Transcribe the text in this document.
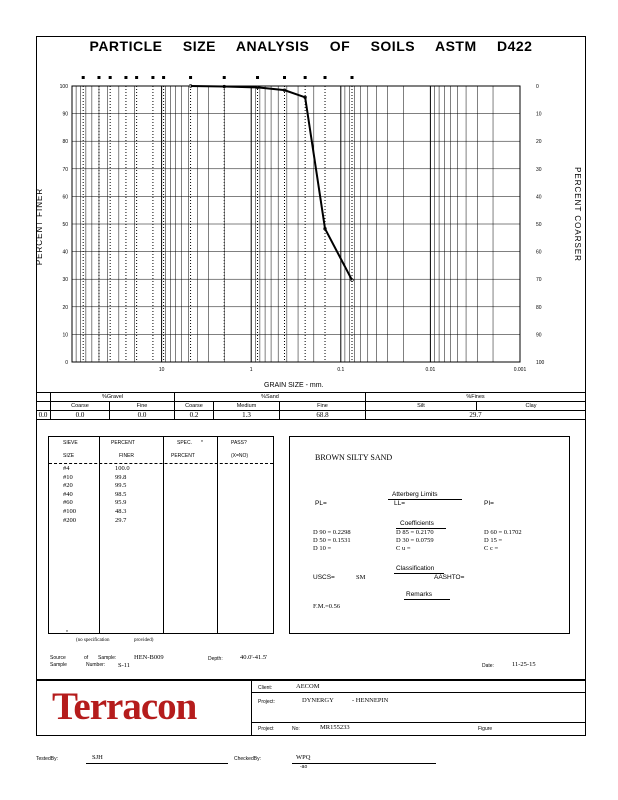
PARTICLE SIZE ANALYSIS OF SOILS ASTM D422
PERCENT FINER	PERCENT COARSER
100
90
80
70
60
50
40
30
20
10
0
0
10
20
30
40
50
60
70
80
90
100
10	1	0.1	0.01	0.001
GRAIN SIZE - mm.
	%Gravel		%Sand			%Fines	
	Coarse	Fine	Coarse	Medium	Fine	Silt	Clay
0.0	0.0	0.0	0.2	1.3	68.8	29.7	
SIEVE
SIZE
PERCENT
FINER
SPEC. *
PERCENT
PASS?
(X=NO)
#4	100.0
#10	99.8
#20	99.5
#40	98.5
#60	95.9
#100	48.3
#200	29.7
*
(no specification	provided)
BROWN SILTY SAND
Atterberg Limits
PL=	LL=	PI=
Coefficients
D 90 = 0.2298	D 85 = 0.2170	D 60 = 0.1702
D 50 = 0.1531	D 30 = 0.0759	D 15 =
D 10 =	C u =	C c =
Classification
USCS=	SM	AASHTO=
Remarks
F.M.=0.56
Source	of Sample:	HEN-B009
Sample	Number: S-11
Depth:	40.0'-41.5'
Date:	11-25-15
Terracon	Client:	AECOM
Project:	DYNERGY	- HENNEPIN
Project	No:	MR155233	Figure
TestedBy:	SJH	CheckedBy:	WPQ
-ao
